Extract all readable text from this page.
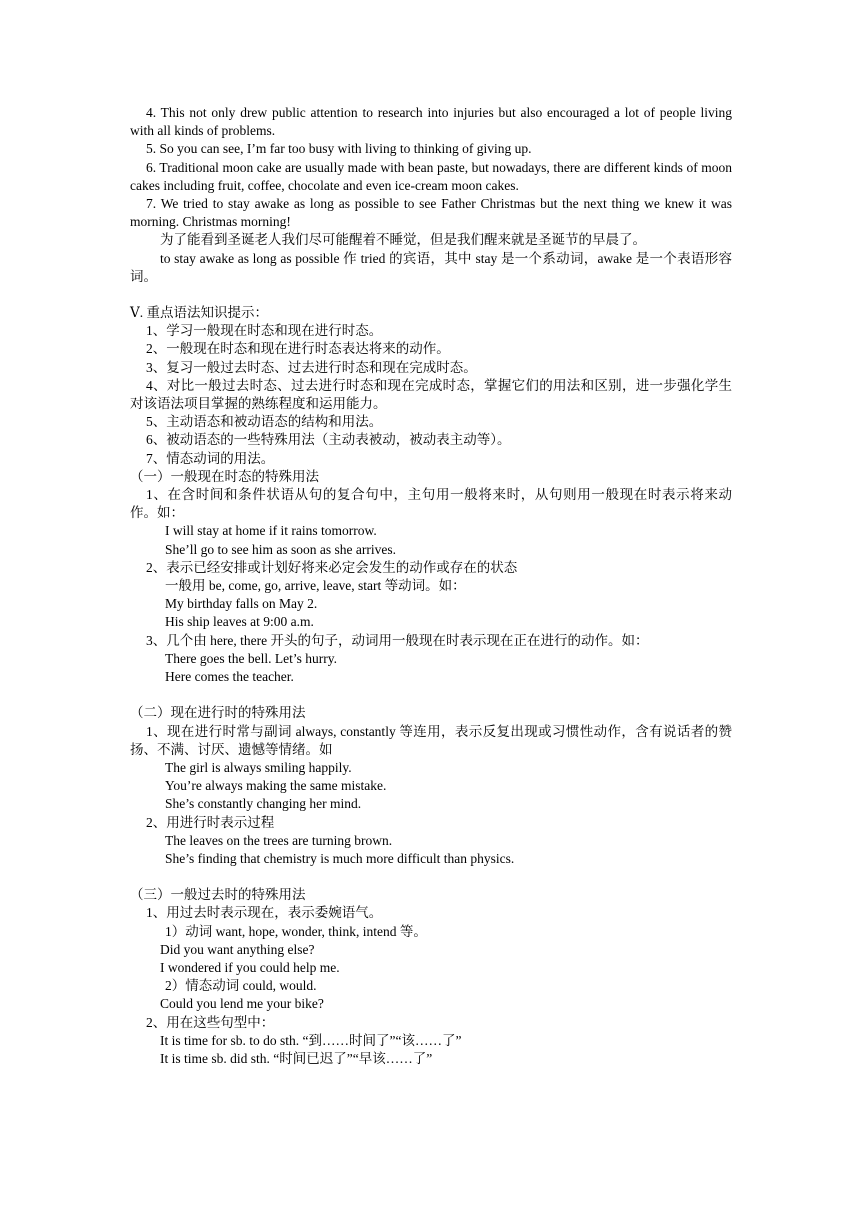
4. This not only drew public attention to research into injuries but also encouraged a lot of people living with all kinds of problems.

5. So you can see, I’m far too busy with living to thinking of giving up.

6. Traditional moon cake are usually made with bean paste, but nowadays, there are different kinds of moon cakes including fruit, coffee, chocolate and even ice-cream moon cakes.

7. We tried to stay awake as long as possible to see Father Christmas but the next thing we knew it was morning. Christmas morning!

为了能看到圣诞老人我们尽可能醒着不睡觉，但是我们醒来就是圣诞节的早晨了。

to stay awake as long as possible 作 tried 的宾语，其中 stay 是一个系动词，awake 是一个表语形容词。

Ⅴ. 重点语法知识提示：

1、学习一般现在时态和现在进行时态。

2、一般现在时态和现在进行时态表达将来的动作。

3、复习一般过去时态、过去进行时态和现在完成时态。

4、对比一般过去时态、过去进行时态和现在完成时态，掌握它们的用法和区别，进一步强化学生对该语法项目掌握的熟练程度和运用能力。

5、主动语态和被动语态的结构和用法。

6、被动语态的一些特殊用法（主动表被动，被动表主动等）。

7、情态动词的用法。

（一）一般现在时态的特殊用法

1、在含时间和条件状语从句的复合句中，主句用一般将来时，从句则用一般现在时表示将来动作。如：

I will stay at home if it rains tomorrow.

She’ll go to see him as soon as she arrives.

2、表示已经安排或计划好将来必定会发生的动作或存在的状态

一般用 be, come, go, arrive, leave, start 等动词。如：

My birthday falls on May 2.

His ship leaves at 9:00 a.m.

3、几个由 here, there 开头的句子，动词用一般现在时表示现在正在进行的动作。如：

There goes the bell. Let’s hurry.

Here comes the teacher.

（二）现在进行时的特殊用法

1、现在进行时常与副词 always, constantly 等连用，表示反复出现或习惯性动作，含有说话者的赞扬、不满、讨厌、遗憾等情绪。如

The girl is always smiling happily.

You’re always making the same mistake.

She’s constantly changing her mind.

2、用进行时表示过程

The leaves on the trees are turning brown.

She’s finding that chemistry is much more difficult than physics.

（三）一般过去时的特殊用法

1、用过去时表示现在，表示委婉语气。

1）动词 want, hope, wonder, think, intend 等。

Did you want anything else?

I wondered if you could help me.

2）情态动词 could, would.

Could you lend me your bike?

2、用在这些句型中：

It is time for sb. to do sth. “到……时间了”“该……了”

It is time sb. did sth. “时间已迟了”“早该……了”
